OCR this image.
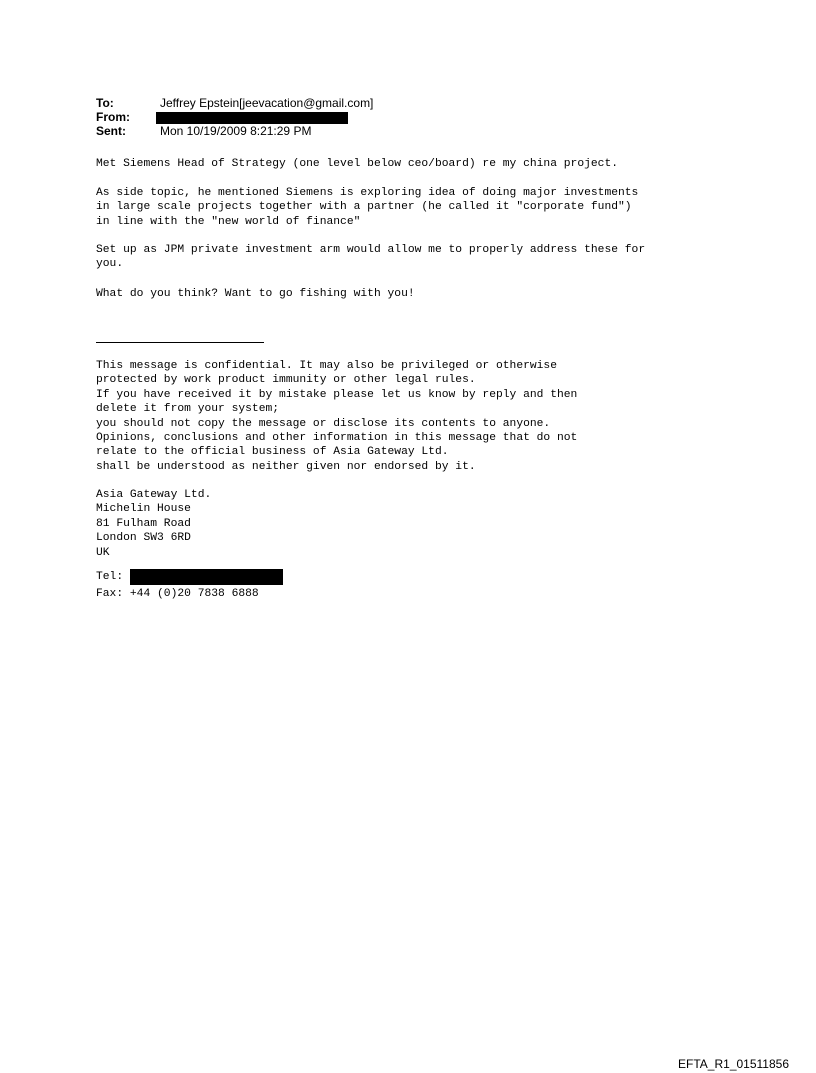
To:	Jeffrey Epstein[jeevacation@gmail.com]
From:
Sent:	Mon 10/19/2009 8:21:29 PM
Met Siemens Head of Strategy (one level below ceo/board) re my china project.
As side topic, he mentioned Siemens is exploring idea of doing major investments
in large scale projects together with a partner (he called it "corporate fund")
in line with the "new world of finance"
Set up as JPM private investment arm would allow me to properly address these for
you.
What do you think? Want to go fishing with you!
This message is confidential. It may also be privileged or otherwise
protected by work product immunity or other legal rules.
If you have received it by mistake please let us know by reply and then
delete it from your system;
you should not copy the message or disclose its contents to anyone.
Opinions, conclusions and other information in this message that do not
relate to the official business of Asia Gateway Ltd.
shall be understood as neither given nor endorsed by it.
Asia Gateway Ltd.
Michelin House
81 Fulham Road
London SW3 6RD
UK
Tel:
Fax: +44 (0)20 7838 6888
EFTA_R1_01511856
